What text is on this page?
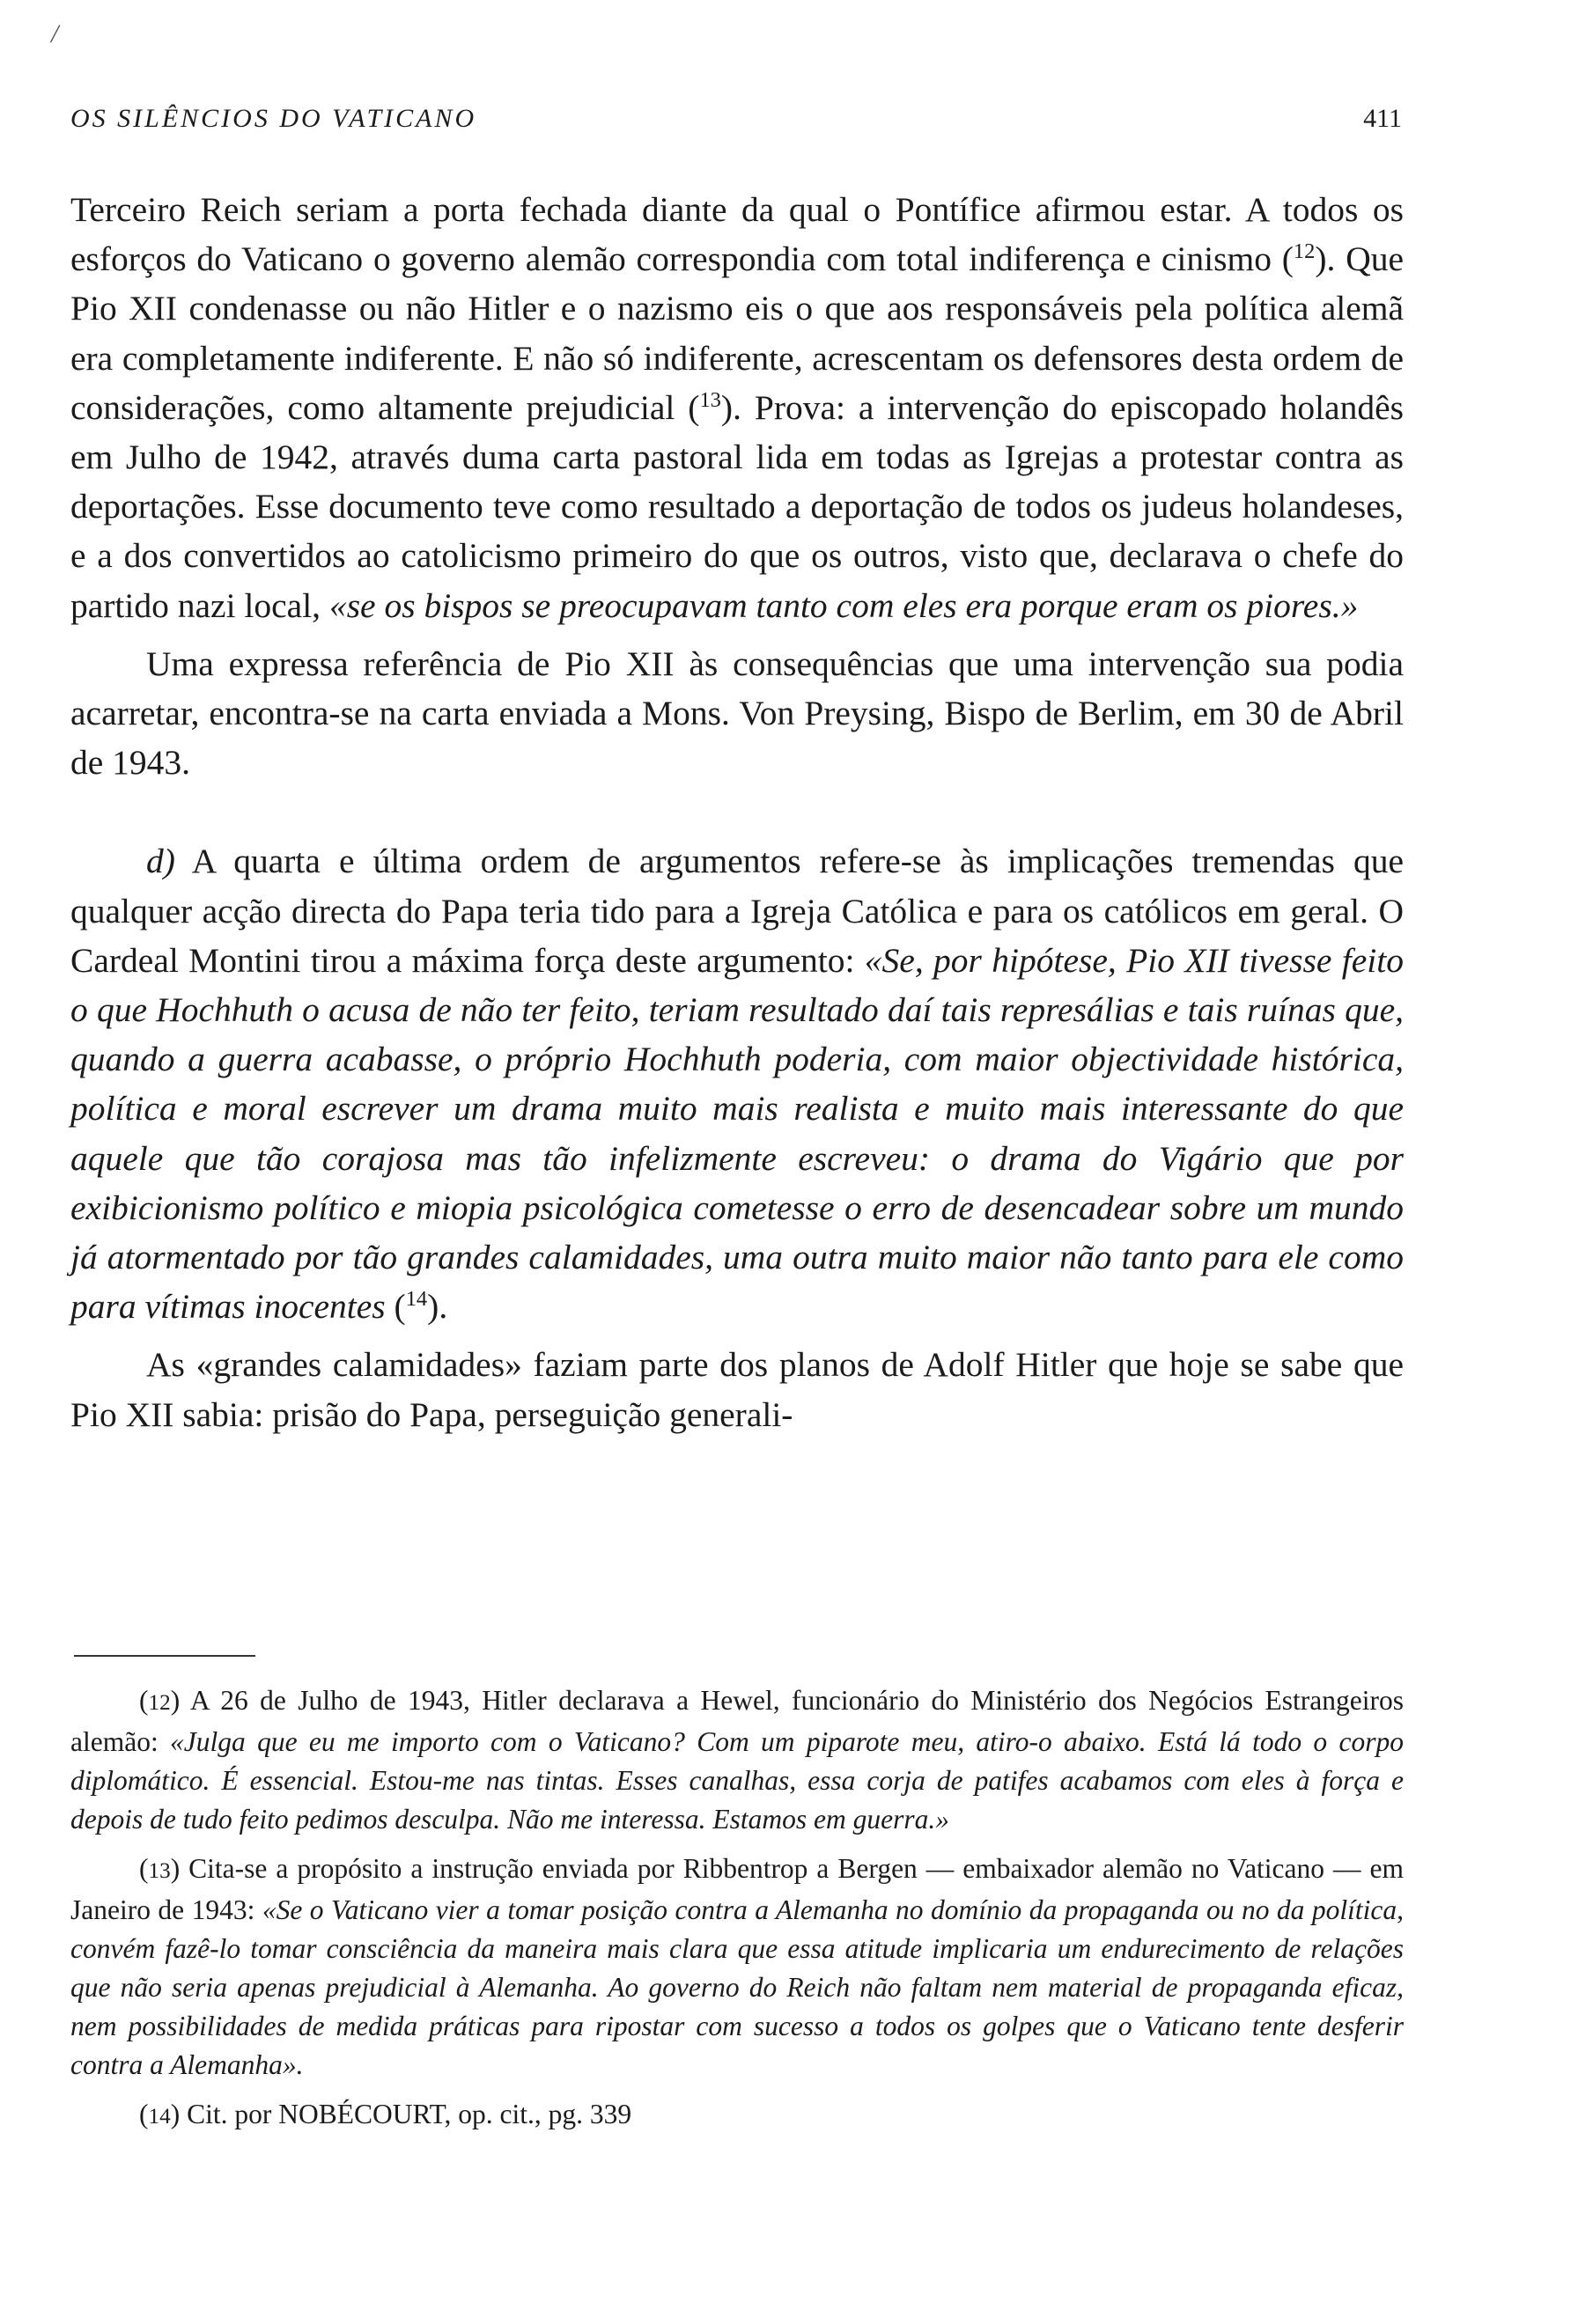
/
OS SILÊNCIOS DO VATICANO	411

Terceiro Reich seriam a porta fechada diante da qual o Pontífice afirmou estar. A todos os esforços do Vaticano o governo alemão correspondia com total indiferença e cinismo ($^{12}$). Que Pio XII condenasse ou não Hitler e o nazismo eis o que aos responsáveis pela política alemã era completamente indiferente. E não só indiferente, acrescentam os defensores desta ordem de considerações, como altamente prejudicial ($^{13}$). Prova: a intervenção do episcopado holandês em Julho de 1942, através duma carta pastoral lida em todas as Igrejas a protestar contra as deportações. Esse documento teve como resultado a deportação de todos os judeus holandeses, e a dos convertidos ao catolicismo primeiro do que os outros, visto que, declarava o chefe do partido nazi local, «se os bispos se preocupavam tanto com eles era porque eram os piores.»

Uma expressa referência de Pio XII às consequências que uma intervenção sua podia acarretar, encontra-se na carta enviada a Mons. Von Preysing, Bispo de Berlim, em 30 de Abril de 1943.

d) A quarta e última ordem de argumentos refere-se às implicações tremendas que qualquer acção directa do Papa teria tido para a Igreja Católica e para os católicos em geral. O Cardeal Montini tirou a máxima força deste argumento: «Se, por hipótese, Pio XII tivesse feito o que Hochhuth o acusa de não ter feito, teriam resultado daí tais represálias e tais ruínas que, quando a guerra acabasse, o próprio Hochhuth poderia, com maior objectividade histórica, política e moral escrever um drama muito mais realista e muito mais interessante do que aquele que tão corajosa mas tão infelizmente escreveu: o drama do Vigário que por exibicionismo político e miopia psicológica cometesse o erro de desencadear sobre um mundo já atormentado por tão grandes calamidades, uma outra muito maior não tanto para ele como para vítimas inocentes ($^{14}$).

As «grandes calamidades» faziam parte dos planos de Adolf Hitler que hoje se sabe que Pio XII sabia: prisão do Papa, perseguição generali-

(12) A 26 de Julho de 1943, Hitler declarava a Hewel, funcionário do Ministério dos Negócios Estrangeiros alemão: «Julga que eu me importo com o Vaticano? Com um piparote meu, atiro-o abaixo. Está lá todo o corpo diplomático. É essencial. Estou-me nas tintas. Esses canalhas, essa corja de patifes acabamos com eles à força e depois de tudo feito pedimos desculpa. Não me interessa. Estamos em guerra.»

(13) Cita-se a propósito a instrução enviada por Ribbentrop a Bergen — embaixador alemão no Vaticano — em Janeiro de 1943: «Se o Vaticano vier a tomar posição contra a Alemanha no domínio da propaganda ou no da política, convém fazê-lo tomar consciência da maneira mais clara que essa atitude implicaria um endurecimento de relações que não seria apenas prejudicial à Alemanha. Ao governo do Reich não faltam nem material de propaganda eficaz, nem possibilidades de medida práticas para ripostar com sucesso a todos os golpes que o Vaticano tente desferir contra a Alemanha».

(14) Cit. por NOBÉCOURT, op. cit., pg. 339
